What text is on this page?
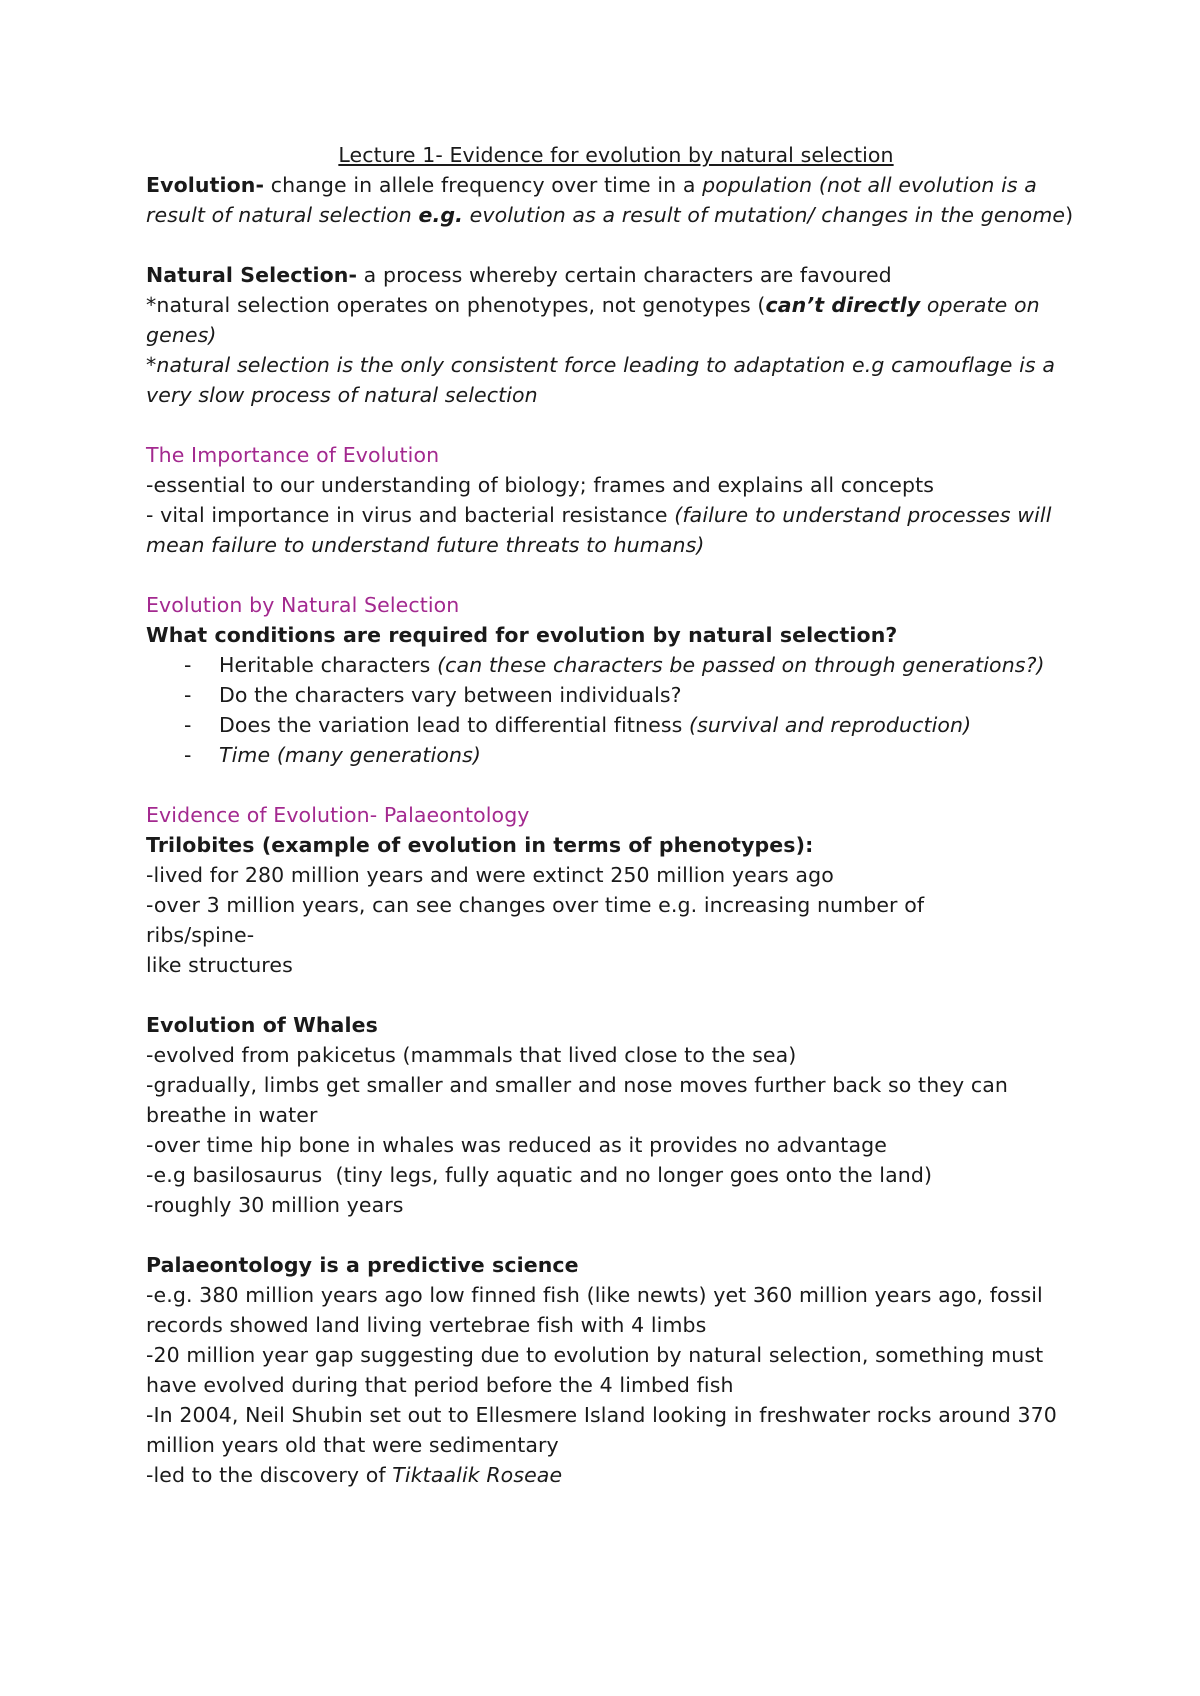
Lecture 1- Evidence for evolution by natural selection

Evolution- change in allele frequency over time in a population (not all evolution is a result of natural selection e.g. evolution as a result of mutation/ changes in the genome)

Natural Selection- a process whereby certain characters are favoured

*natural selection operates on phenotypes, not genotypes (can’t directly operate on genes)

*natural selection is the only consistent force leading to adaptation e.g camouflage is a very slow process of natural selection

The Importance of Evolution

-essential to our understanding of biology; frames and explains all concepts

- vital importance in virus and bacterial resistance (failure to understand processes will mean failure to understand future threats to humans)

Evolution by Natural Selection

What conditions are required for evolution by natural selection?

- Heritable characters (can these characters be passed on through generations?)
- Do the characters vary between individuals?
- Does the variation lead to differential fitness (survival and reproduction)
- Time (many generations)

Evidence of Evolution- Palaeontology

Trilobites (example of evolution in terms of phenotypes):

-lived for 280 million years and were extinct 250 million years ago

-over 3 million years, can see changes over time e.g. increasing number of ribs/spine-

like structures

Evolution of Whales

-evolved from pakicetus (mammals that lived close to the sea)

-gradually, limbs get smaller and smaller and nose moves further back so they can breathe in water

-over time hip bone in whales was reduced as it provides no advantage

-e.g basilosaurus  (tiny legs, fully aquatic and no longer goes onto the land)

-roughly 30 million years

Palaeontology is a predictive science

-e.g. 380 million years ago low finned fish (like newts) yet 360 million years ago, fossil records showed land living vertebrae fish with 4 limbs

-20 million year gap suggesting due to evolution by natural selection, something must have evolved during that period before the 4 limbed fish

-In 2004, Neil Shubin set out to Ellesmere Island looking in freshwater rocks around 370 million years old that were sedimentary

-led to the discovery of Tiktaalik Roseae
